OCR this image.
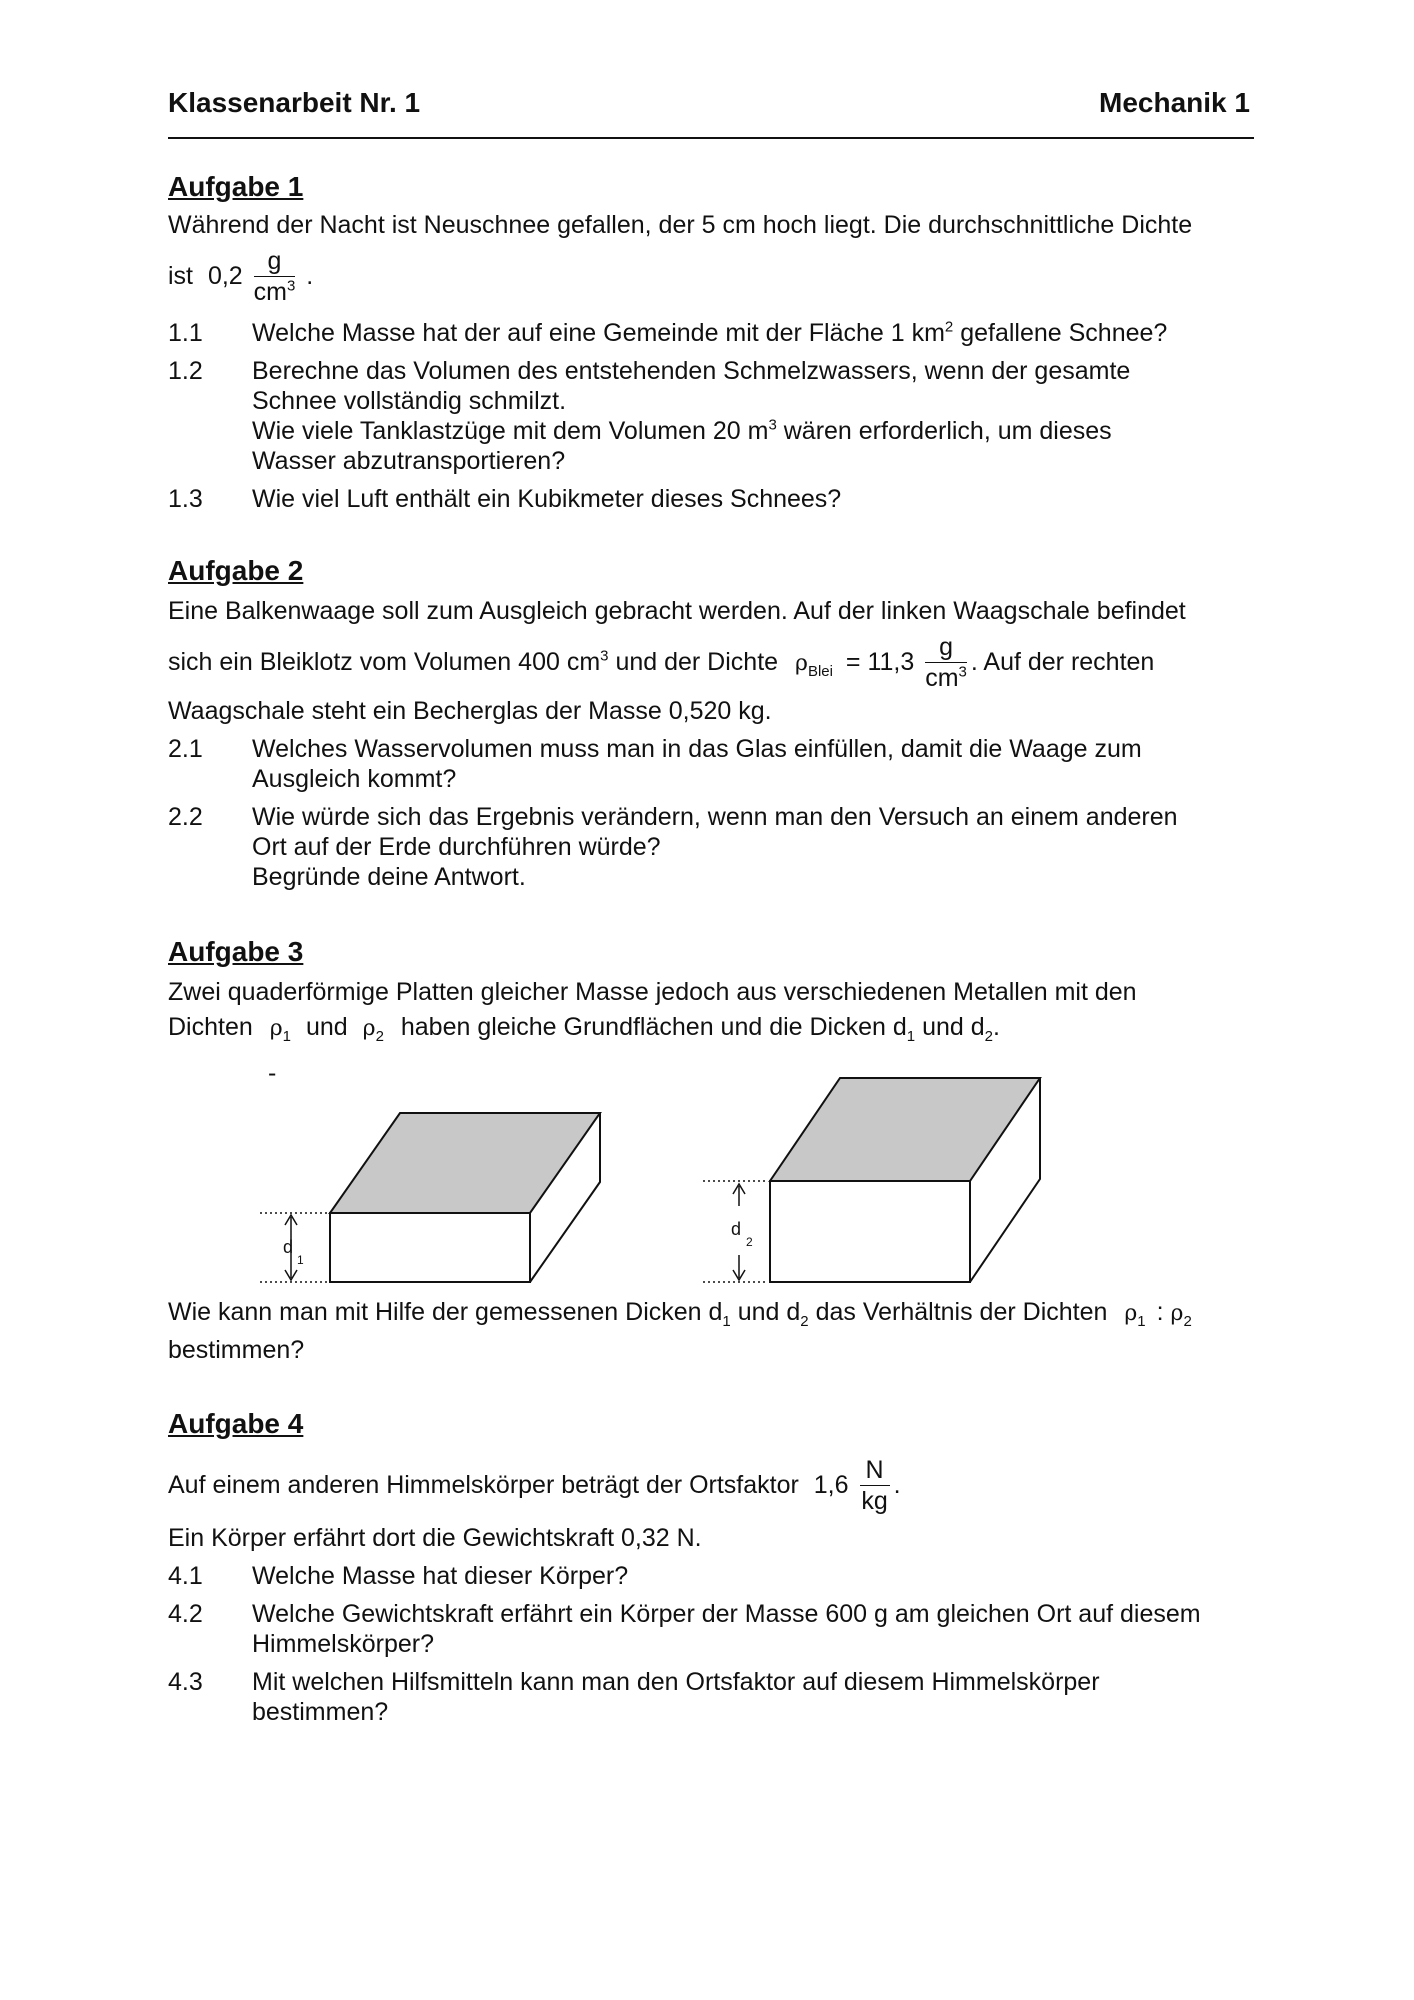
Klassenarbeit Nr. 1	Mechanik 1
Aufgabe 1
Während der Nacht ist Neuschnee gefallen, der 5 cm hoch liegt. Die durchschnittliche Dichte
ist $0,2 \frac{g}{cm^3}$ .
1.1 Welche Masse hat der auf eine Gemeinde mit der Fläche 1 $km^2$ gefallene Schnee?
1.2 Berechne das Volumen des entstehenden Schmelzwassers, wenn der gesamte
Schnee vollständig schmilzt.
Wie viele Tanklastzüge mit dem Volumen 20 $m^3$ wären erforderlich, um dieses
Wasser abzutransportieren?
1.3 Wie viel Luft enthält ein Kubikmeter dieses Schnees?
Aufgabe 2
Eine Balkenwaage soll zum Ausgleich gebracht werden. Auf der linken Waagschale befindet
sich ein Bleiklotz vom Volumen 400 $cm^3$ und der Dichte $\rho_{Blei} = 11,3 \frac{g}{cm^3}$ . Auf der rechten
Waagschale steht ein Becherglas der Masse 0,520 kg.
2.1 Welches Wasservolumen muss man in das Glas einfüllen, damit die Waage zum
Ausgleich kommt?
2.2 Wie würde sich das Ergebnis verändern, wenn man den Versuch an einem anderen
Ort auf der Erde durchführen würde?
Begründe deine Antwort.
Aufgabe 3
Zwei quaderförmige Platten gleicher Masse jedoch aus verschiedenen Metallen mit den
Dichten $\rho_1$ und $\rho_2$ haben gleiche Grundflächen und die Dicken $d_1$ und $d_2$.
-
d
1
d
2
Wie kann man mit Hilfe der gemessenen Dicken $d_1$ und $d_2$ das Verhältnis der Dichten $\rho_1$ : $\rho_2$
bestimmen?
Aufgabe 4
Auf einem anderen Himmelskörper beträgt der Ortsfaktor $1,6 \frac{N}{kg}$ .
Ein Körper erfährt dort die Gewichtskraft 0,32 N.
4.1 Welche Masse hat dieser Körper?
4.2 Welche Gewichtskraft erfährt ein Körper der Masse 600 g am gleichen Ort auf diesem
Himmelskörper?
4.3 Mit welchen Hilfsmitteln kann man den Ortsfaktor auf diesem Himmelskörper
bestimmen?
